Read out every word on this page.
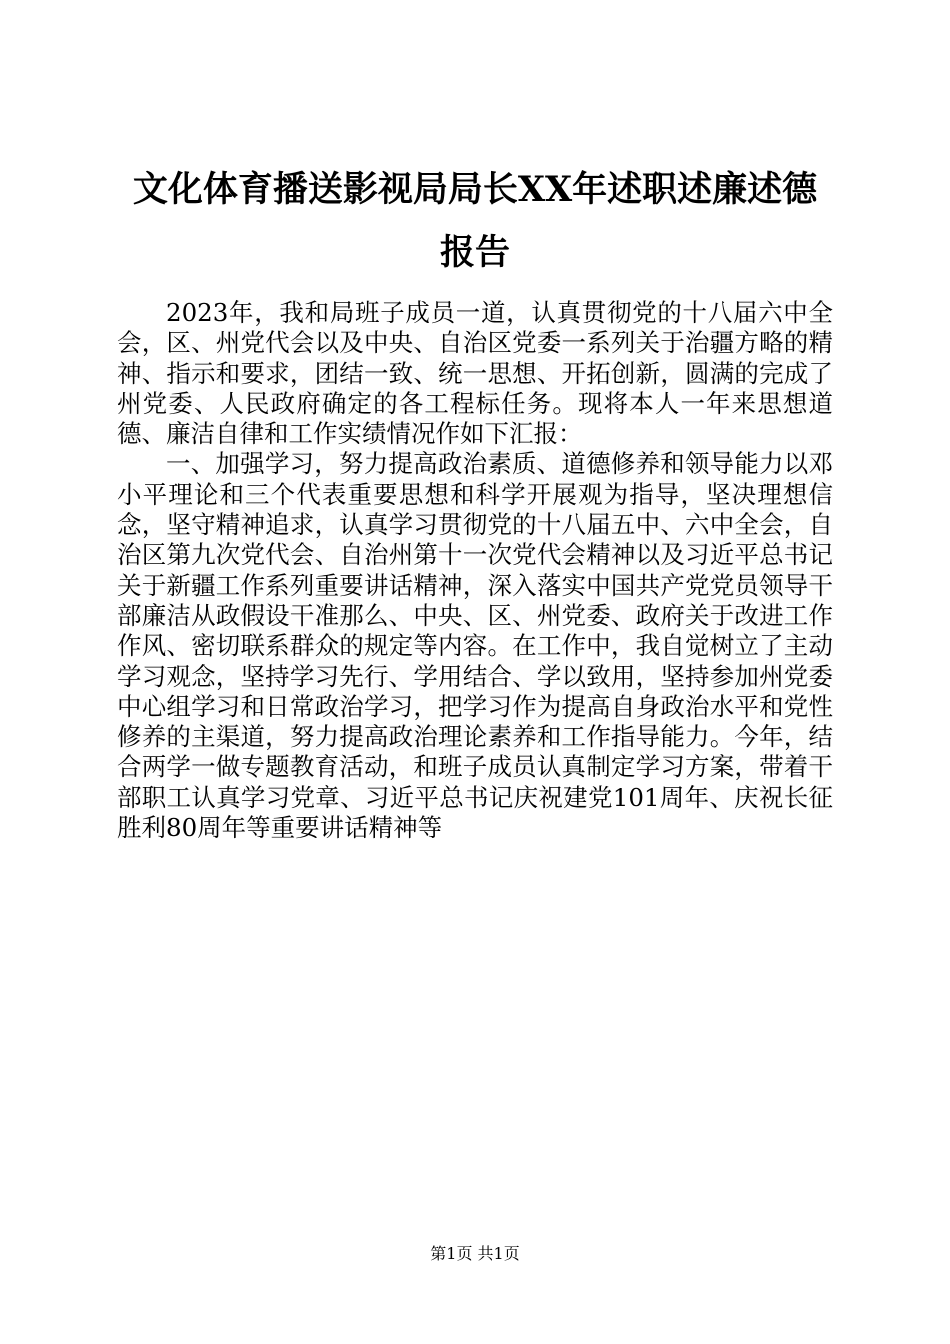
文化体育播送影视局局长XX年述职述廉述德报告

2023年，我和局班子成员一道，认真贯彻党的十八届六中全会，区、州党代会以及中央、自治区党委一系列关于治疆方略的精神、指示和要求，团结一致、统一思想、开拓创新，圆满的完成了州党委、人民政府确定的各工程标任务。现将本人一年来思想道德、廉洁自律和工作实绩情况作如下汇报：

一、加强学习，努力提高政治素质、道德修养和领导能力以邓小平理论和三个代表重要思想和科学开展观为指导，坚决理想信念，坚守精神追求，认真学习贯彻党的十八届五中、六中全会，自治区第九次党代会、自治州第十一次党代会精神以及习近平总书记关于新疆工作系列重要讲话精神，深入落实中国共产党党员领导干部廉洁从政假设干准那么、中央、区、州党委、政府关于改进工作作风、密切联系群众的规定等内容。在工作中，我自觉树立了主动学习观念，坚持学习先行、学用结合、学以致用，坚持参加州党委中心组学习和日常政治学习，把学习作为提高自身政治水平和党性修养的主渠道，努力提高政治理论素养和工作指导能力。今年，结合两学一做专题教育活动，和班子成员认真制定学习方案，带着干部职工认真学习党章、习近平总书记庆祝建党101周年、庆祝长征胜利80周年等重要讲话精神等

第1页 共1页
